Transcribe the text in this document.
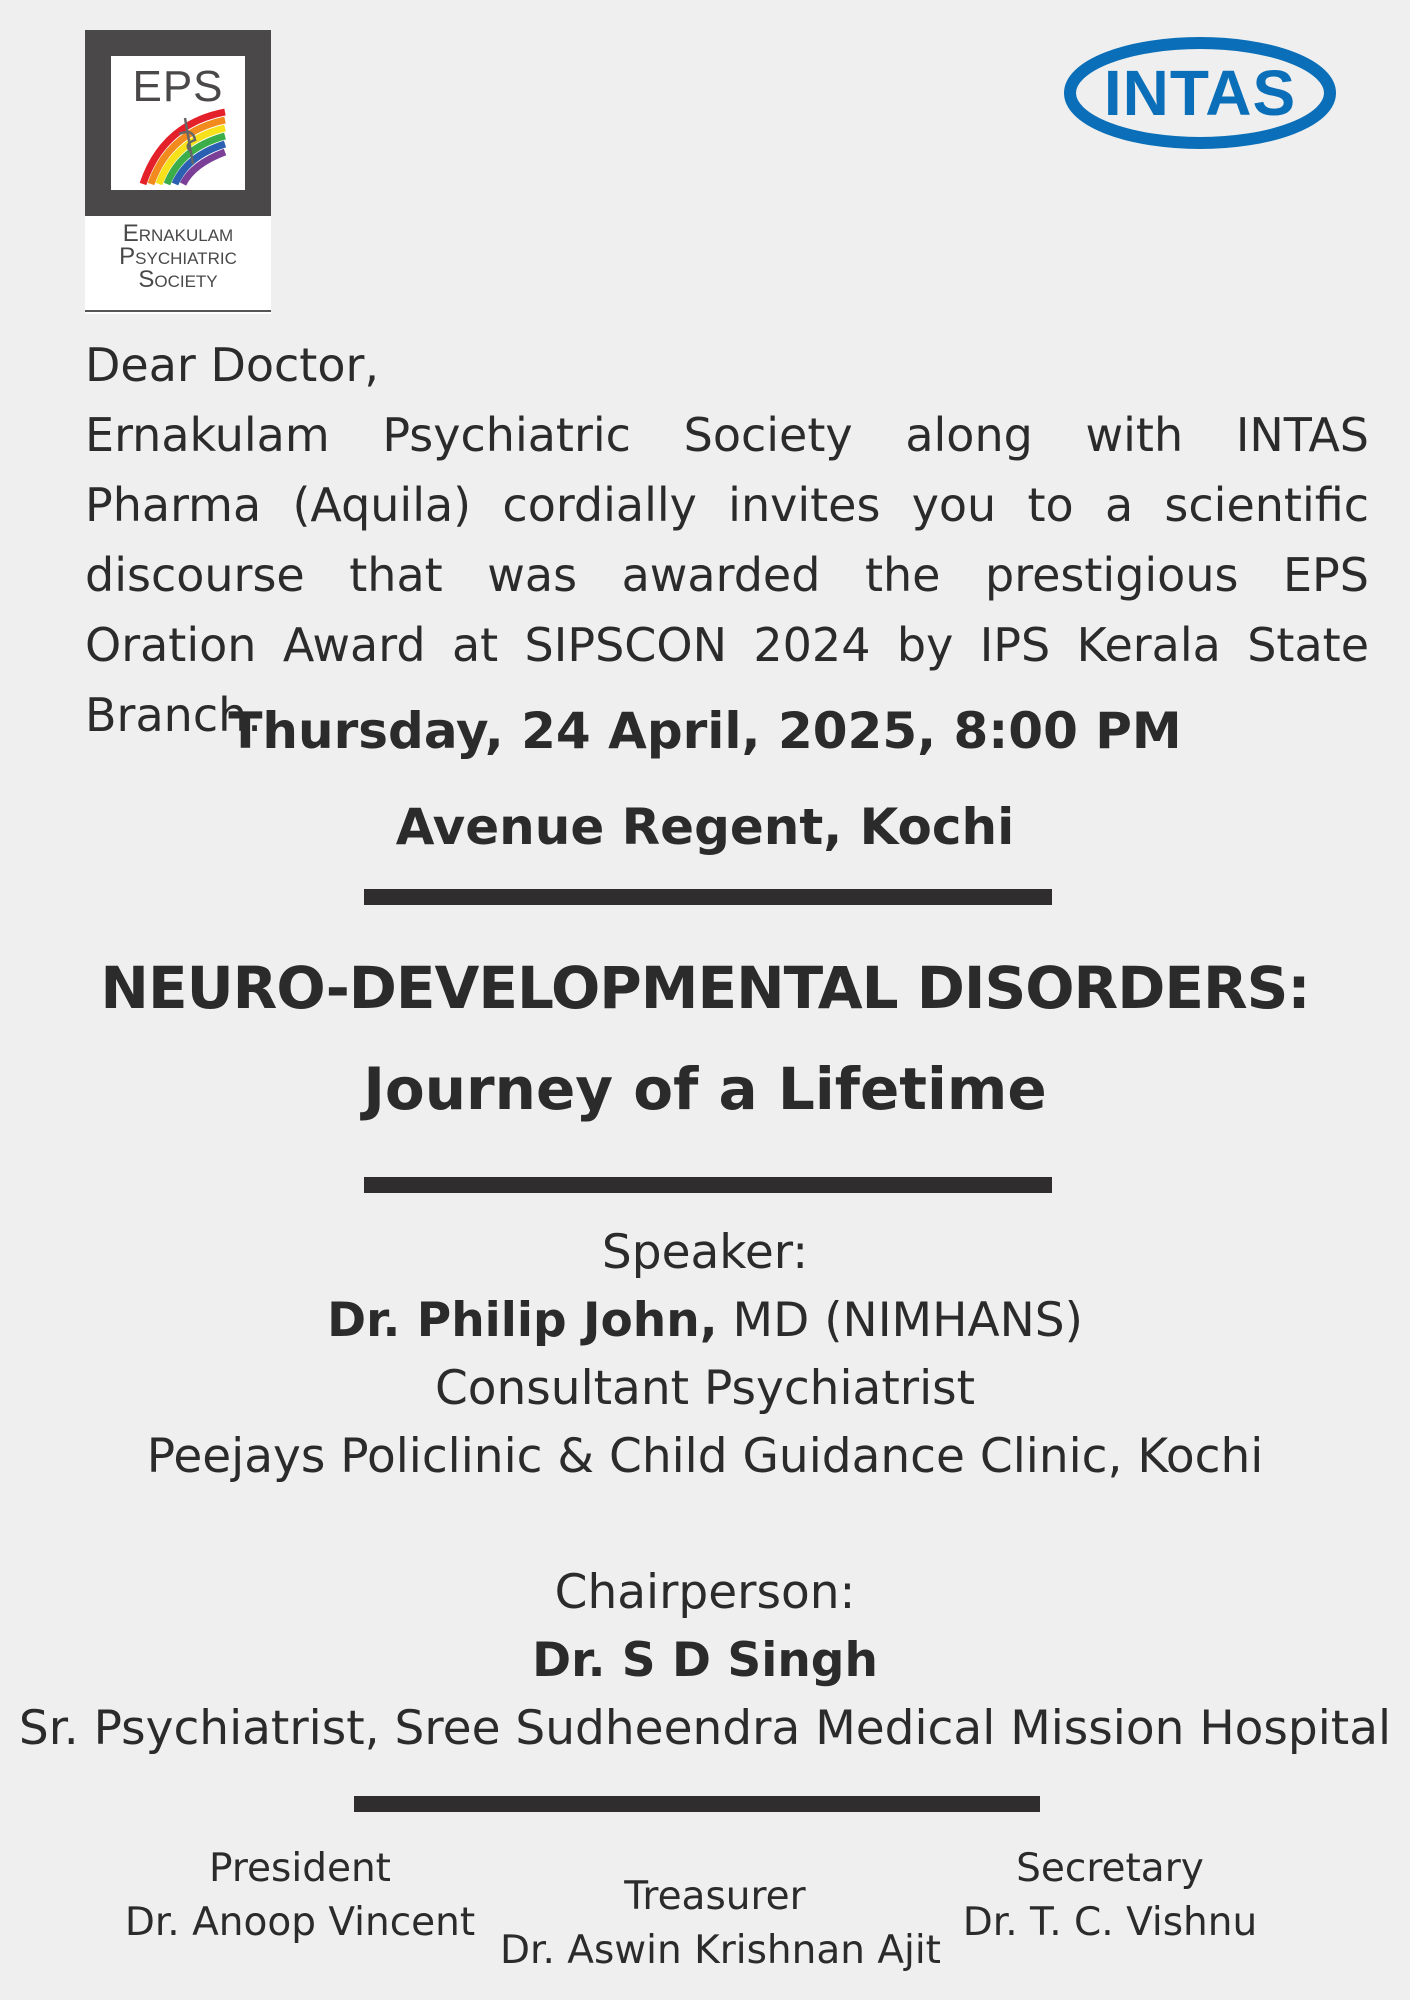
EPS
Ernakulam
Psychiatric
Society
INTAS
Dear Doctor,
Ernakulam Psychiatric Society along with INTAS Pharma (Aquila) cordially invites you to a scientific discourse that was awarded the prestigious EPS Oration Award at SIPSCON 2024 by IPS Kerala State Branch.
Thursday, 24 April, 2025, 8:00 PM
Avenue Regent, Kochi
NEURO-DEVELOPMENTAL DISORDERS:
Journey of a Lifetime
Speaker:
Dr. Philip John, MD (NIMHANS)
Consultant Psychiatrist
Peejays Policlinic & Child Guidance Clinic, Kochi
Chairperson:
Dr. S D Singh
Sr. Psychiatrist, Sree Sudheendra Medical Mission Hospital
President
Dr. Anoop Vincent
Treasurer
Dr. Aswin Krishnan Ajit
Secretary
Dr. T. C. Vishnu
